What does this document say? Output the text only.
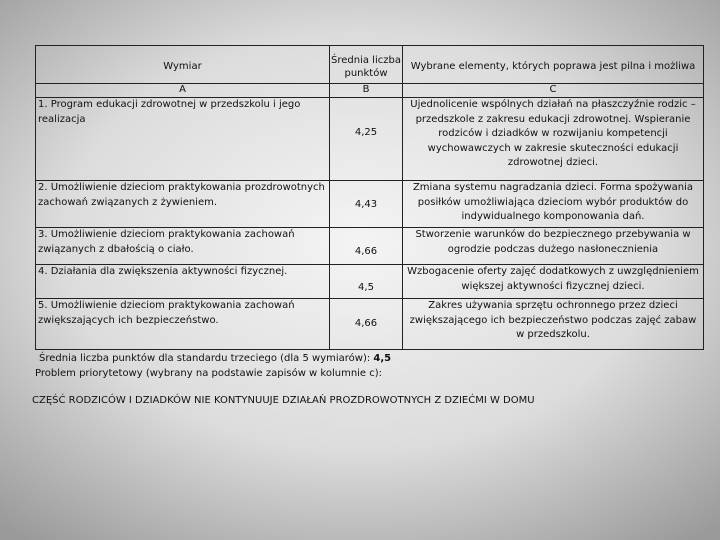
Wymiar	Średnia liczba punktów	Wybrane elementy, których poprawa jest pilna i możliwa

A	B	C

1. Program edukacji zdrowotnej w przedszkolu i jego realizacja	4,25	Ujednolicenie wspólnych działań na płaszczyźnie rodzic – przedszkole z zakresu edukacji zdrowotnej. Wspieranie rodziców i dziadków w rozwijaniu kompetencji wychowawczych w zakresie skuteczności edukacji zdrowotnej dzieci.

2. Umożliwienie dzieciom praktykowania prozdrowotnych zachowań związanych z żywieniem.	4,43	Zmiana systemu nagradzania dzieci. Forma spożywania posiłków umożliwiająca dzieciom wybór produktów do indywidualnego komponowania dań.

3. Umożliwienie dzieciom praktykowania zachowań związanych z dbałością o ciało.	4,66	Stworzenie warunków do bezpiecznego przebywania w ogrodzie podczas dużego nasłonecznienia

4. Działania dla zwiększenia aktywności fizycznej.	4,5	Wzbogacenie oferty zajęć dodatkowych z uwzględnieniem większej aktywności fizycznej dzieci.

5. Umożliwienie dzieciom praktykowania zachowań zwiększających ich bezpieczeństwo.	4,66	Zakres używania sprzętu ochronnego przez dzieci zwiększającego ich bezpieczeństwo podczas zajęć zabaw w przedszkolu.
Średnia liczba punktów dla standardu trzeciego (dla 5 wymiarów): 4,5
Problem priorytetowy (wybrany na podstawie zapisów w kolumnie c):
CZĘŚĆ RODZICÓW I DZIADKÓW NIE KONTYNUUJE DZIAŁAŃ PROZDROWOTNYCH Z DZIEĆMI W DOMU
